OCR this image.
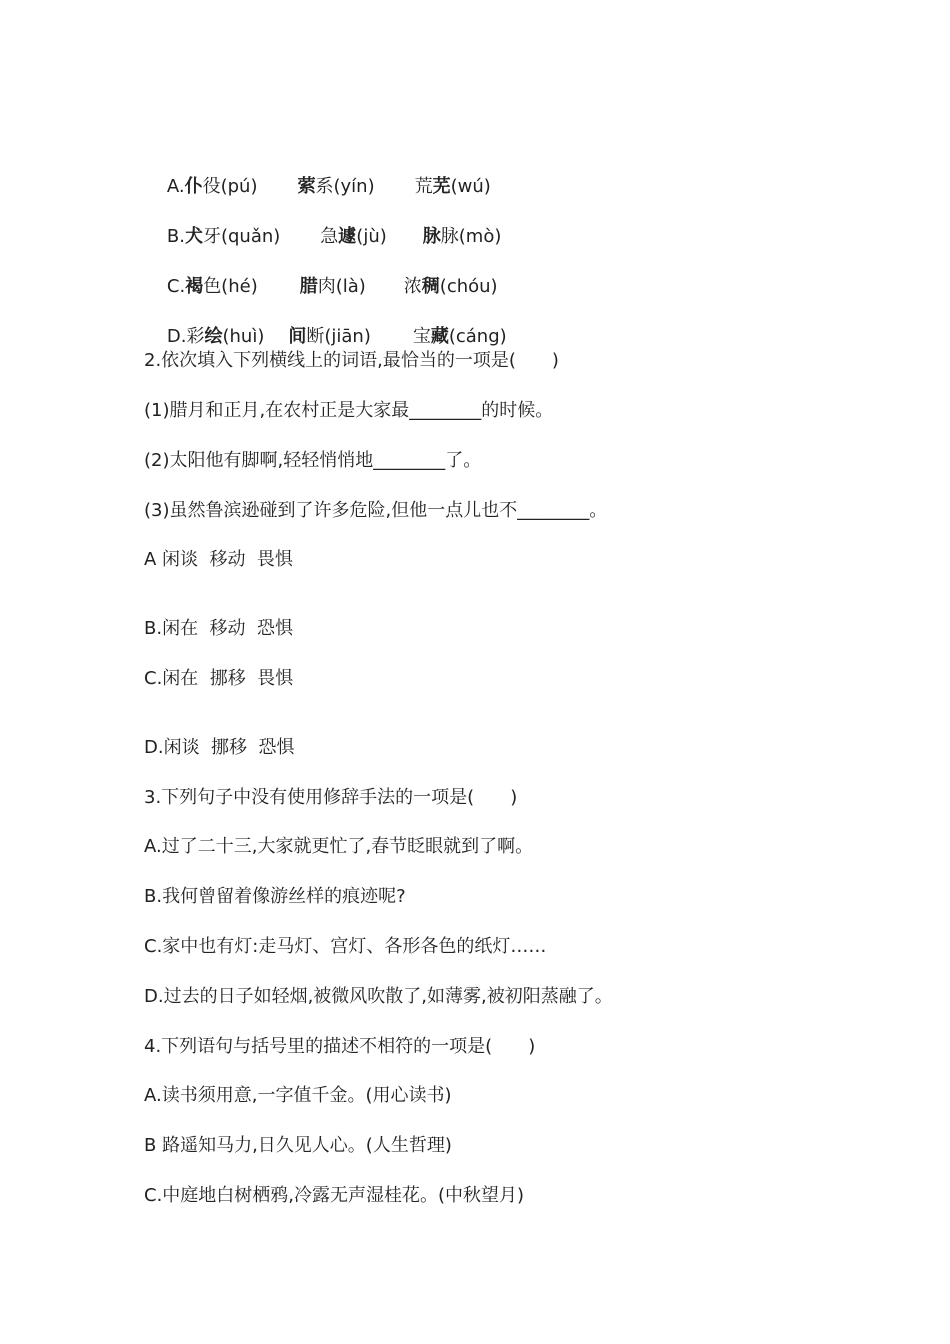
A.仆役(pú) 萦系(yín) 荒芜(wú)

B.犬牙(quǎn) 急遽(jù) 脉脉(mò)

C.褐色(hé) 腊肉(là) 浓稠(chóu)

D.彩绘(huì) 间断(jiān) 宝藏(cáng)

2.依次填入下列横线上的词语,最恰当的一项是(　　)
(1)腊月和正月,在农村正是大家最________的时候。
(2)太阳他有脚啊,轻轻悄悄地________了。
(3)虽然鲁滨逊碰到了许多危险,但他一点儿也不________。
A 闲谈  移动  畏惧
B.闲在  移动  恐惧
C.闲在  挪移  畏惧
D.闲谈  挪移  恐惧
3.下列句子中没有使用修辞手法的一项是(　　)
A.过了二十三,大家就更忙了,春节眨眼就到了啊。
B.我何曾留着像游丝样的痕迹呢?
C.家中也有灯:走马灯、宫灯、各形各色的纸灯……
D.过去的日子如轻烟,被微风吹散了,如薄雾,被初阳蒸融了。
4.下列语句与括号里的描述不相符的一项是(　　)
A.读书须用意,一字值千金。(用心读书)
B 路遥知马力,日久见人心。(人生哲理)
C.中庭地白树栖鸦,冷露无声湿桂花。(中秋望月)
